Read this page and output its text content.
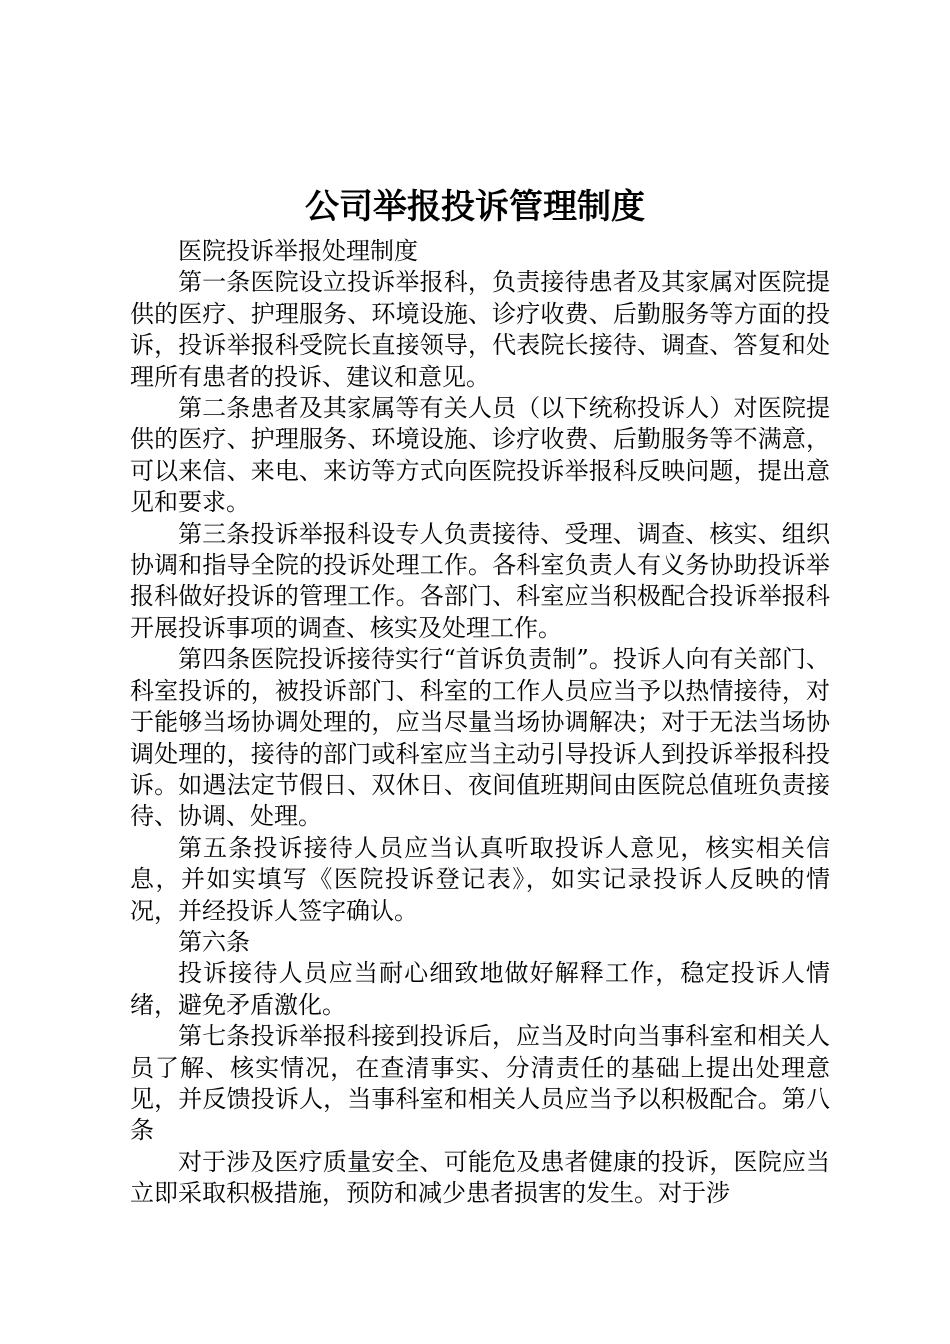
公司举报投诉管理制度

医院投诉举报处理制度

第一条医院设立投诉举报科，负责接待患者及其家属对医院提供的医疗、护理服务、环境设施、诊疗收费、后勤服务等方面的投诉，投诉举报科受院长直接领导，代表院长接待、调查、答复和处理所有患者的投诉、建议和意见。

第二条患者及其家属等有关人员（以下统称投诉人）对医院提供的医疗、护理服务、环境设施、诊疗收费、后勤服务等不满意，可以来信、来电、来访等方式向医院投诉举报科反映问题，提出意见和要求。

第三条投诉举报科设专人负责接待、受理、调查、核实、组织协调和指导全院的投诉处理工作。各科室负责人有义务协助投诉举报科做好投诉的管理工作。各部门、科室应当积极配合投诉举报科开展投诉事项的调查、核实及处理工作。

第四条医院投诉接待实行“首诉负责制”。投诉人向有关部门、科室投诉的，被投诉部门、科室的工作人员应当予以热情接待，对于能够当场协调处理的，应当尽量当场协调解决；对于无法当场协调处理的，接待的部门或科室应当主动引导投诉人到投诉举报科投诉。如遇法定节假日、双休日、夜间值班期间由医院总值班负责接待、协调、处理。

第五条投诉接待人员应当认真听取投诉人意见，核实相关信息，并如实填写《医院投诉登记表》，如实记录投诉人反映的情况，并经投诉人签字确认。

第六条

投诉接待人员应当耐心细致地做好解释工作，稳定投诉人情绪，避免矛盾激化。

第七条投诉举报科接到投诉后，应当及时向当事科室和相关人员了解、核实情况，在查清事实、分清责任的基础上提出处理意见，并反馈投诉人，当事科室和相关人员应当予以积极配合。第八条

对于涉及医疗质量安全、可能危及患者健康的投诉，医院应当立即采取积极措施，预防和减少患者损害的发生。对于涉
